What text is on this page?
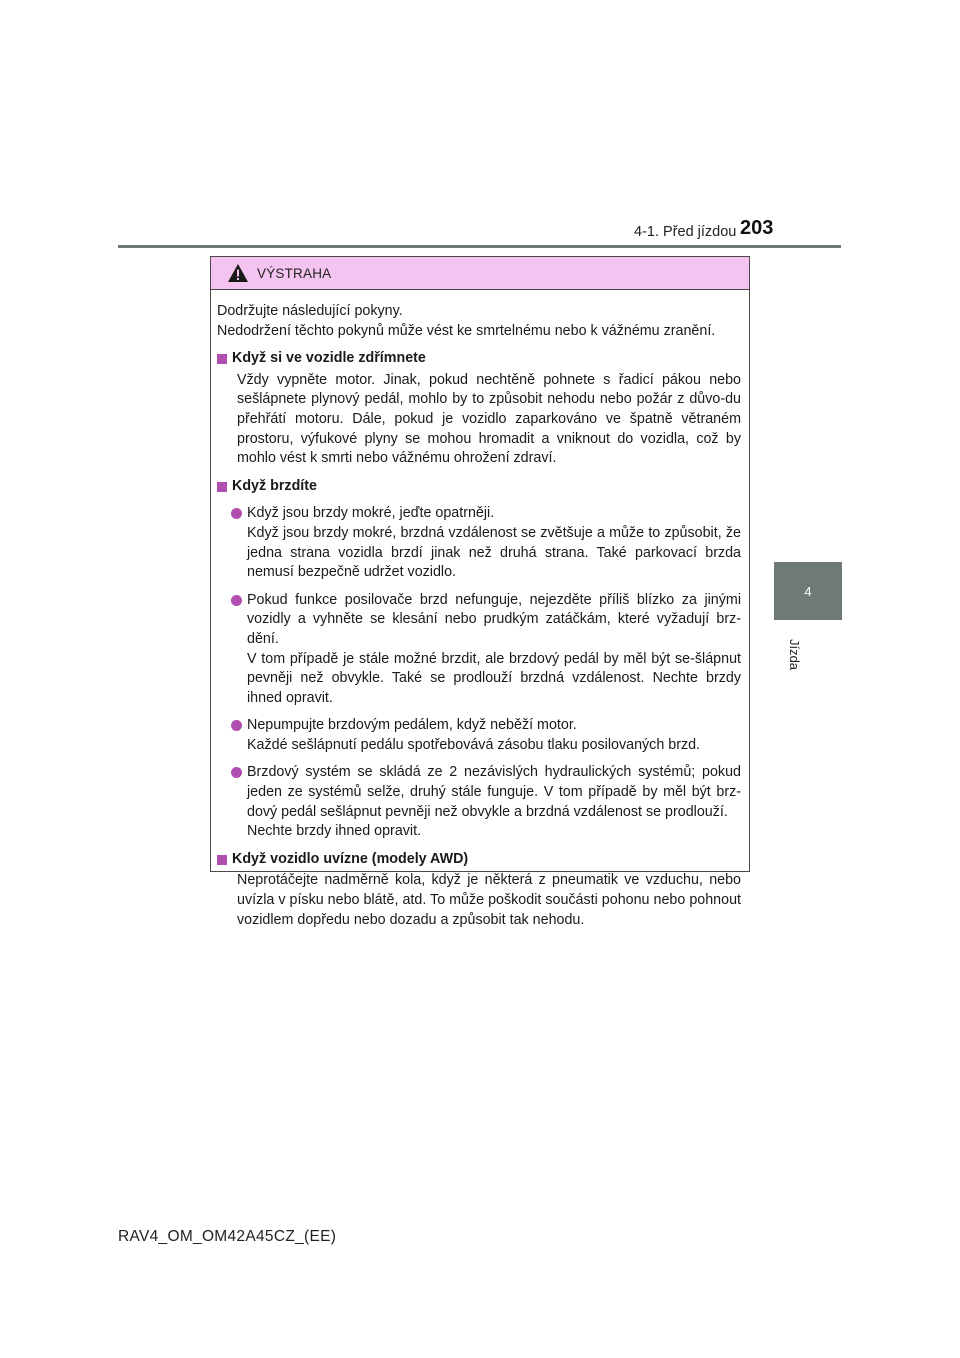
4-1. Před jízdou 203
4
Jízda
VÝSTRAHA

Dodržujte následující pokyny.

Nedodržení těchto pokynů může vést ke smrtelnému nebo k vážnému zranění.

Když si ve vozidle zdřímnete
Vždy vypněte motor. Jinak, pokud nechtěně pohnete s řadicí pákou nebo sešlápnete plynový pedál, mohlo by to způsobit nehodu nebo požár z důvo-du přehřátí motoru. Dále, pokud je vozidlo zaparkováno ve špatně větraném prostoru, výfukové plyny se mohou hromadit a vniknout do vozidla, což by mohlo vést k smrti nebo vážnému ohrožení zdraví.
Když brzdíte

Když jsou brzdy mokré, jeďte opatrněji.

Když jsou brzdy mokré, brzdná vzdálenost se zvětšuje a může to způsobit, že jedna strana vozidla brzdí jinak než druhá strana. Také parkovací brzda nemusí bezpečně udržet vozidlo.

Pokud funkce posilovače brzd nefunguje, nejezděte příliš blízko za jinými vozidly a vyhněte se klesání nebo prudkým zatáčkám, které vyžadují brz-dění.

V tom případě je stále možné brzdit, ale brzdový pedál by měl být se-šlápnut pevněji než obvykle. Také se prodlouží brzdná vzdálenost. Nechte brzdy ihned opravit.

Nepumpujte brzdovým pedálem, když neběží motor.

Každé sešlápnutí pedálu spotřebovává zásobu tlaku posilovaných brzd.

Brzdový systém se skládá ze 2 nezávislých hydraulických systémů; pokud jeden ze systémů selže, druhý stále funguje. V tom případě by měl být brz-dový pedál sešlápnut pevněji než obvykle a brzdná vzdálenost se prodlouží.

Nechte brzdy ihned opravit.

Když vozidlo uvízne (modely AWD)
Neprotáčejte nadměrně kola, když je některá z pneumatik ve vzduchu, nebo uvízla v písku nebo blátě, atd. To může poškodit součásti pohonu nebo pohnout vozidlem dopředu nebo dozadu a způsobit tak nehodu.
RAV4_OM_OM42A45CZ_(EE)
